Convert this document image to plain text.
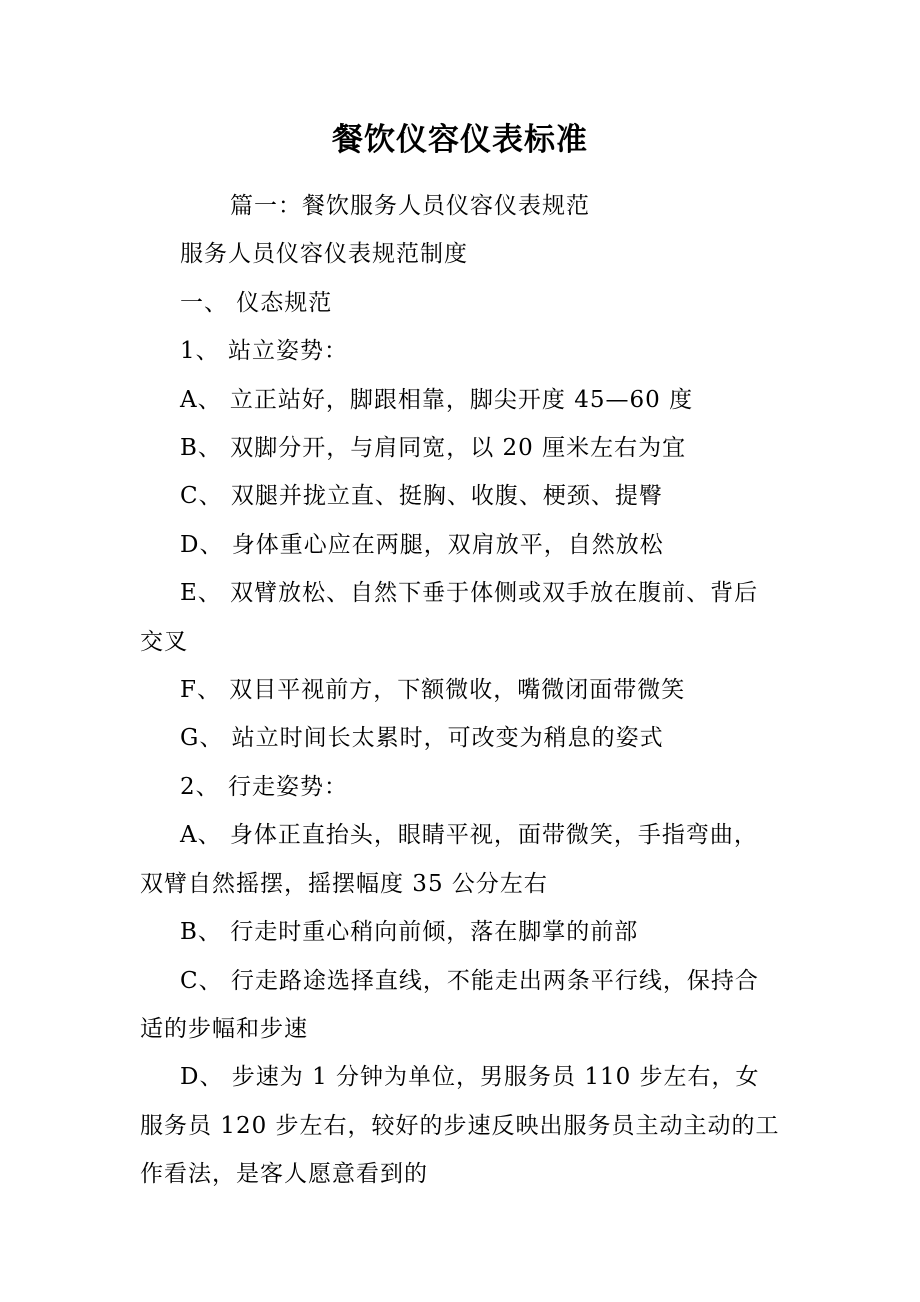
餐饮仪容仪表标准

篇一：餐饮服务人员仪容仪表规范

服务人员仪容仪表规范制度

一、 仪态规范

1、 站立姿势：

A、 立正站好，脚跟相靠，脚尖开度 45—60 度

B、 双脚分开，与肩同宽，以 20 厘米左右为宜

C、 双腿并拢立直、挺胸、收腹、梗颈、提臀

D、 身体重心应在两腿，双肩放平，自然放松

E、 双臂放松、自然下垂于体侧或双手放在腹前、背后交叉

F、 双目平视前方，下额微收，嘴微闭面带微笑

G、 站立时间长太累时，可改变为稍息的姿式

2、 行走姿势：

A、 身体正直抬头，眼睛平视，面带微笑，手指弯曲，双臂自然摇摆，摇摆幅度 35 公分左右

B、 行走时重心稍向前倾，落在脚掌的前部

C、 行走路途选择直线，不能走出两条平行线，保持合适的步幅和步速

D、 步速为 1 分钟为单位，男服务员 110 步左右，女服务员 120 步左右，较好的步速反映出服务员主动主动的工作看法，是客人愿意看到的
